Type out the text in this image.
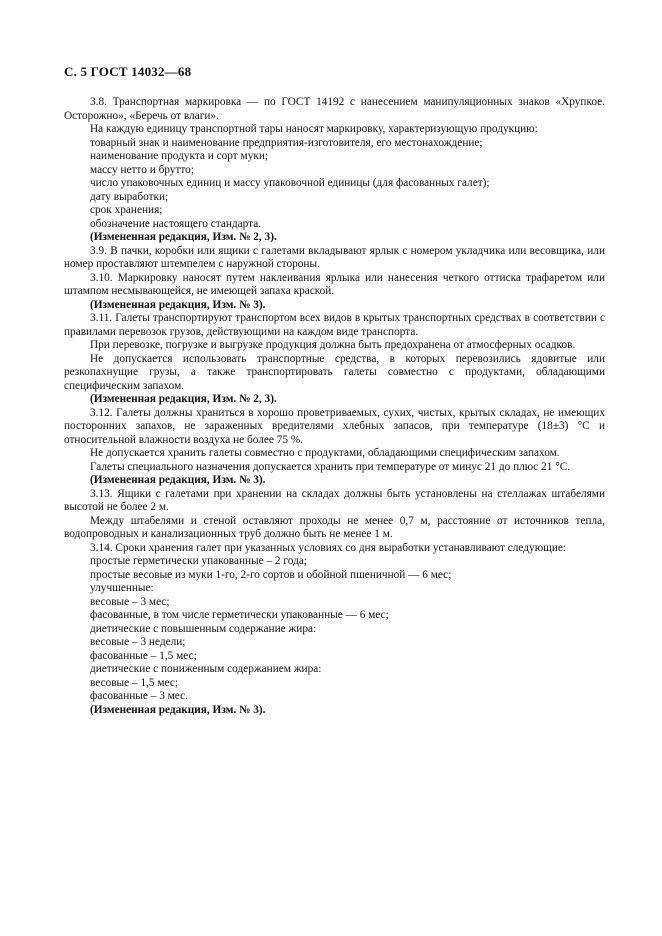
С. 5 ГОСТ 14032—68
3.8. Транспортная маркировка — по ГОСТ 14192 с нанесением манипуляционных знаков «Хрупкое. Осторожно», «Беречь от влаги».
На каждую единицу транспортной тары наносят маркировку, характеризующую продукцию:
товарный знак и наименование предприятия-изготовителя, его местонахождение;
наименование продукта и сорт муки;
массу нетто и брутто;
число упаковочных единиц и массу упаковочной единицы (для фасованных галет);
дату выработки;
срок хранения;
обозначение настоящего стандарта.
(Измененная редакция, Изм. № 2, 3).
3.9. В пачки, коробки или ящики с галетами вкладывают ярлык с номером укладчика или весовщика, или номер проставляют штемпелем с наружной стороны.
3.10. Маркировку наносят путем наклеивания ярлыка или нанесения четкого оттиска трафаретом или штампом несмывающейся, не имеющей запаха краской.
(Измененная редакция, Изм. № 3).
3.11. Галеты транспортируют транспортом всех видов в крытых транспортных средствах в соответствии с правилами перевозок грузов, действующими на каждом виде транспорта.
При перевозке, погрузке и выгрузке продукция должна быть предохранена от атмосферных осадков.
Не допускается использовать транспортные средства, в которых перевозились ядовитые или резкопахнущие грузы, а также транспортировать галеты совместно с продуктами, обладающими специфическим запахом.
(Измененная редакция, Изм. № 2, 3).
3.12. Галеты должны храниться в хорошо проветриваемых, сухих, чистых, крытых складах, не имеющих посторонних запахов, не зараженных вредителями хлебных запасов, при температуре (18±3) °С и относительной влажности воздуха не более 75 %.
Не допускается хранить галеты совместно с продуктами, обладающими специфическим запахом.
Галеты специального назначения допускается хранить при температуре от минус 21 до плюс 21 °С.
(Измененная редакция, Изм. № 3).
3.13. Ящики с галетами при хранении на складах должны быть установлены на стеллажах штабелями высотой не более 2 м.
Между штабелями и стеной оставляют проходы не менее 0,7 м, расстояние от источников тепла, водопроводных и канализационных труб должно быть не менее 1 м.
3.14. Сроки хранения галет при указанных условиях со дня выработки устанавливают следующие:
простые герметически упакованные – 2 года;
простые весовые из муки 1-го, 2-го сортов и обойной пшеничной — 6 мес;
улучшенные:
весовые – 3 мес;
фасованные, в том числе герметически упакованные — 6 мес;
диетические с повышенным содержание жира:
весовые – 3 недели;
фасованные – 1,5 мес;
диетические с пониженным содержанием жира:
весовые – 1,5 мес;
фасованные – 3 мес.
(Измененная редакция, Изм. № 3).
